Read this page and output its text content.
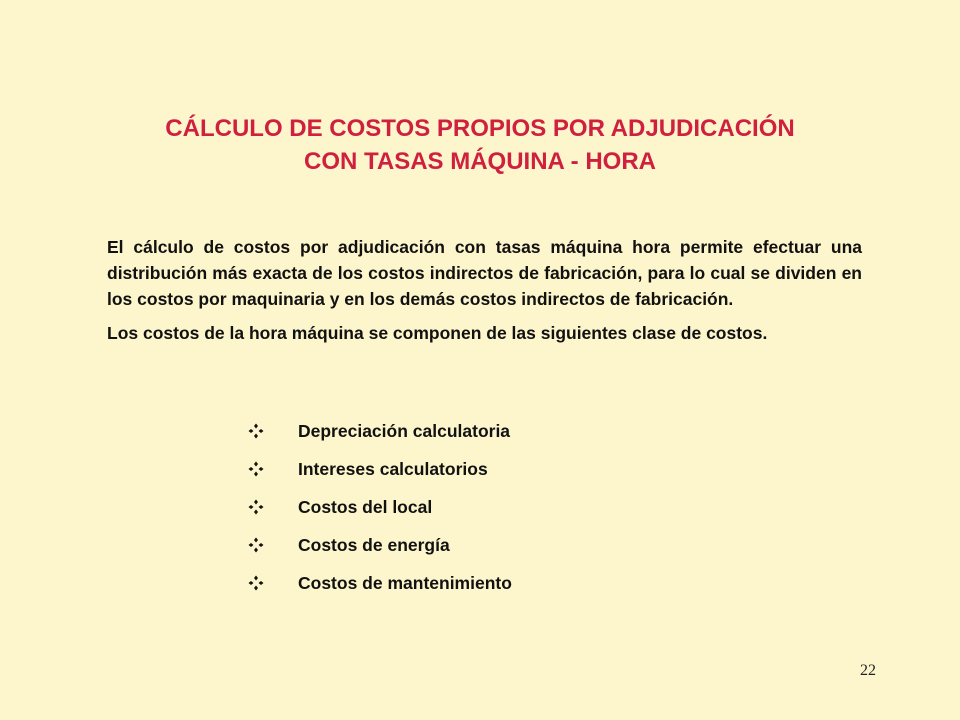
CÁLCULO DE COSTOS PROPIOS POR ADJUDICACIÓN
CON TASAS MÁQUINA - HORA

El cálculo de costos por adjudicación con tasas máquina hora permite efectuar una distribución más exacta de los costos indirectos de fabricación, para lo cual se dividen en los costos por maquinaria y en los demás costos indirectos de fabricación.

Los costos de la hora máquina se componen de las siguientes clase de costos.

Depreciación calculatoria
Intereses calculatorios
Costos del local
Costos de energía
Costos de mantenimiento
22
